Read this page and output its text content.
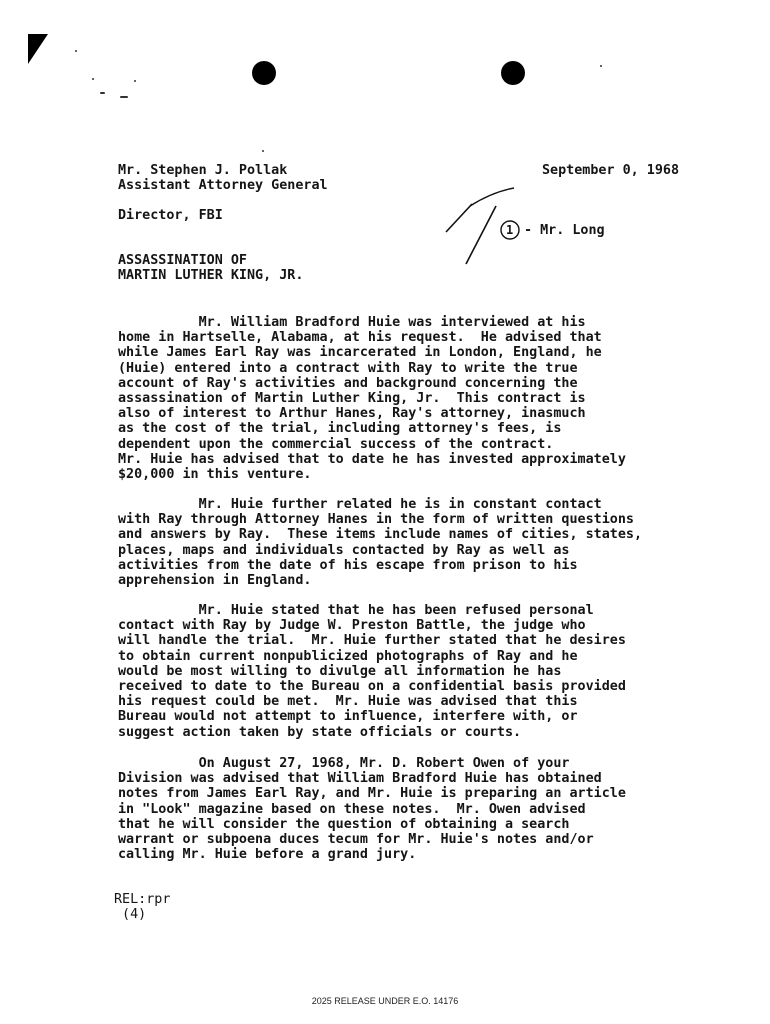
Mr. Stephen J. Pollak
Assistant Attorney General
September 0, 1968
Director, FBI
1 - Mr. Long
ASSASSINATION OF
MARTIN LUTHER KING, JR.
Mr. William Bradford Huie was interviewed at his
home in Hartselle, Alabama, at his request.  He advised that
while James Earl Ray was incarcerated in London, England, he
(Huie) entered into a contract with Ray to write the true
account of Ray's activities and background concerning the
assassination of Martin Luther King, Jr.  This contract is
also of interest to Arthur Hanes, Ray's attorney, inasmuch
as the cost of the trial, including attorney's fees, is
dependent upon the commercial success of the contract.
Mr. Huie has advised that to date he has invested approximately
$20,000 in this venture.
Mr. Huie further related he is in constant contact
with Ray through Attorney Hanes in the form of written questions
and answers by Ray.  These items include names of cities, states,
places, maps and individuals contacted by Ray as well as
activities from the date of his escape from prison to his
apprehension in England.
Mr. Huie stated that he has been refused personal
contact with Ray by Judge W. Preston Battle, the judge who
will handle the trial.  Mr. Huie further stated that he desires
to obtain current nonpublicized photographs of Ray and he
would be most willing to divulge all information he has
received to date to the Bureau on a confidential basis provided
his request could be met.  Mr. Huie was advised that this
Bureau would not attempt to influence, interfere with, or
suggest action taken by state officials or courts.
On August 27, 1968, Mr. D. Robert Owen of your
Division was advised that William Bradford Huie has obtained
notes from James Earl Ray, and Mr. Huie is preparing an article
in "Look" magazine based on these notes.  Mr. Owen advised
that he will consider the question of obtaining a search
warrant or subpoena duces tecum for Mr. Huie's notes and/or
calling Mr. Huie before a grand jury.
REL:rpr
(4)
2025 RELEASE UNDER E.O. 14176
